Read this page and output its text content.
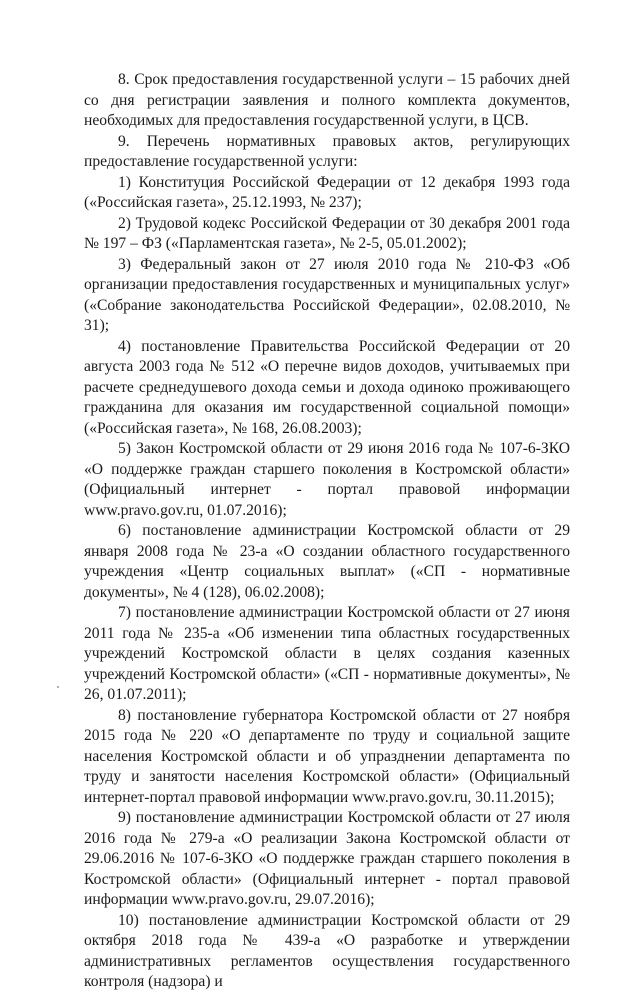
8. Срок предоставления государственной услуги – 15 рабочих дней со дня регистрации заявления и полного комплекта документов, необходимых для предоставления государственной услуги, в ЦСВ.

9. Перечень нормативных правовых актов, регулирующих предоставление государственной услуги:

1) Конституция Российской Федерации от 12 декабря 1993 года («Российская газета», 25.12.1993, № 237);

2) Трудовой кодекс Российской Федерации от 30 декабря 2001 года № 197 – ФЗ («Парламентская газета», № 2-5, 05.01.2002);

3) Федеральный закон от 27 июля 2010 года № 210-ФЗ «Об организации предоставления государственных и муниципальных услуг» («Собрание законодательства Российской Федерации», 02.08.2010, № 31);

4) постановление Правительства Российской Федерации от 20 августа 2003 года № 512 «О перечне видов доходов, учитываемых при расчете среднедушевого дохода семьи и дохода одиноко проживающего гражданина для оказания им государственной социальной помощи» («Российская газета», № 168, 26.08.2003);

5) Закон Костромской области от 29 июня 2016 года № 107-6-ЗКО «О поддержке граждан старшего поколения в Костромской области» (Официальный интернет - портал правовой информации www.pravo.gov.ru, 01.07.2016);

6) постановление администрации Костромской области от 29 января 2008 года № 23-а «О создании областного государственного учреждения «Центр социальных выплат» («СП - нормативные документы», № 4 (128), 06.02.2008);

7) постановление администрации Костромской области от 27 июня 2011 года № 235-а «Об изменении типа областных государственных учреждений Костромской области в целях создания казенных учреждений Костромской области» («СП - нормативные документы», № 26, 01.07.2011);

8) постановление губернатора Костромской области от 27 ноября 2015 года № 220 «О департаменте по труду и социальной защите населения Костромской области и об упразднении департамента по труду и занятости населения Костромской области» (Официальный интернет-портал правовой информации www.pravo.gov.ru, 30.11.2015);

9) постановление администрации Костромской области от 27 июля 2016 года № 279-а «О реализации Закона Костромской области от 29.06.2016 № 107-6-ЗКО «О поддержке граждан старшего поколения в Костромской области» (Официальный интернет - портал правовой информации www.pravo.gov.ru, 29.07.2016);

10) постановление администрации Костромской области от 29 октября 2018 года № 439-а «О разработке и утверждении административных регламентов осуществления государственного контроля (надзора) и
